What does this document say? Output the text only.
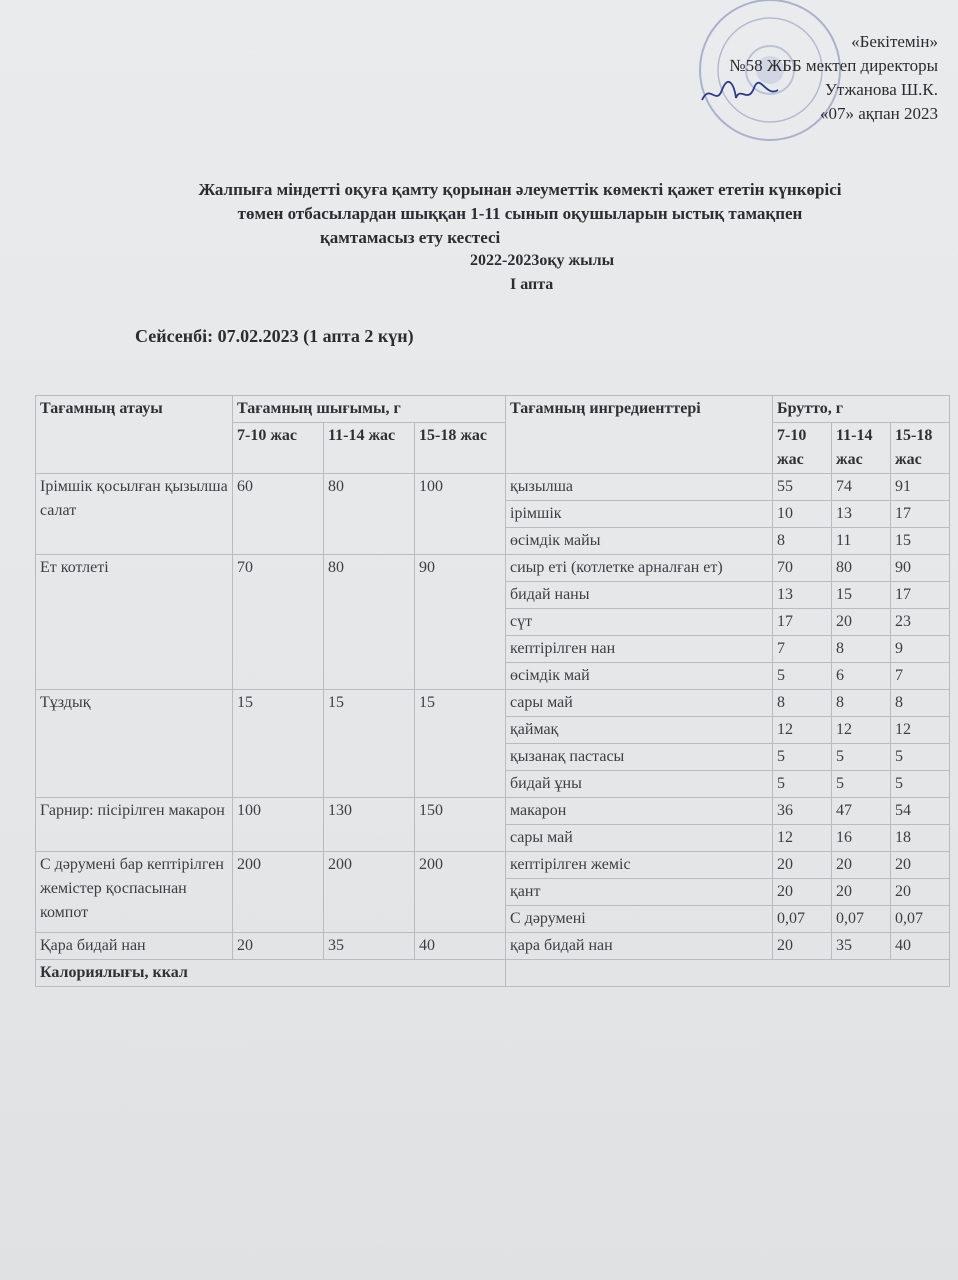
«Бекітемін»
№58 ЖББ мектеп директоры
Утжанова Ш.К.
«07» ақпан 2023
Жалпыға міндетті оқуға қамту қорынан әлеуметтік көмекті қажет ететін күнкөрісі
төмен отбасылардан шыққан 1-11 сынып оқушыларын ыстық тамақпен
қамтамасыз ету кестесі
2022-2023оқу жылы
I апта
Сейсенбі: 07.02.2023 (1 апта 2 күн)
Тағамның атауы	Тағамның шығымы, г			Тағамның ингредиенттері	Брутто, г		
	7-10 жас	11-14 жас	15-18 жас		7-10 жас	11-14 жас	15-18 жас
Ірімшік қосылған қызылша салат	60	80	100	қызылша	55	74	91
				ірімшік	10	13	17
				өсімдік майы	8	11	15
Ет котлеті	70	80	90	сиыр еті (котлетке арналған ет)	70	80	90
				бидай наны	13	15	17
				сүт	17	20	23
				кептірілген нан	7	8	9
				өсімдік май	5	6	7
Тұздық	15	15	15	сары май	8	8	8
				қаймақ	12	12	12
				қызанақ пастасы	5	5	5
				бидай ұны	5	5	5
Гарнир: пісірілген макарон	100	130	150	макарон	36	47	54
				сары май	12	16	18
С дәрумені бар кептірілген жемістер қоспасынан компот	200	200	200	кептірілген жеміс	20	20	20
				қант	20	20	20
				С дәрумені	0,07	0,07	0,07
Қара бидай нан	20	35	40	қара бидай нан	20	35	40
Калориялығы, ккал							
